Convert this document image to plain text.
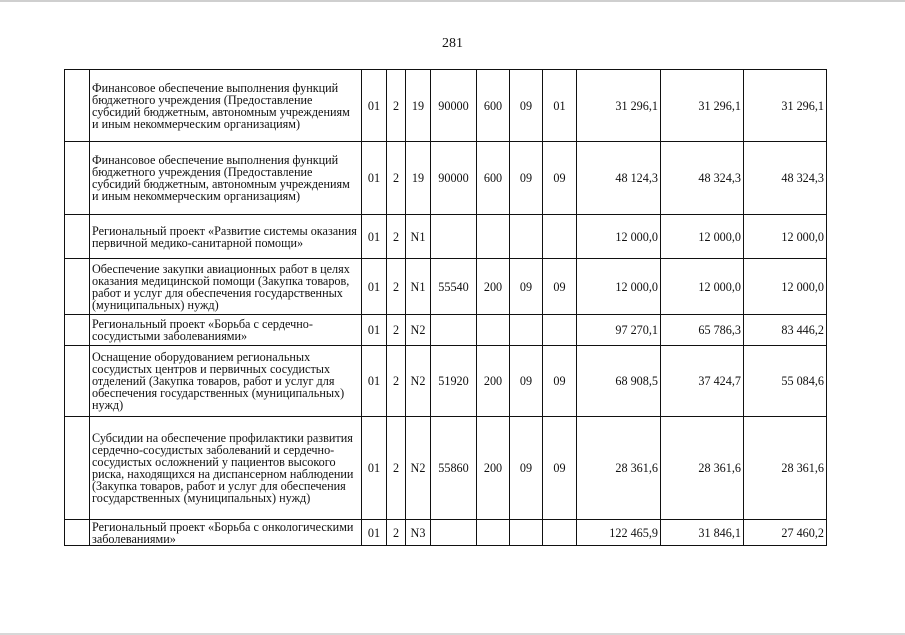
281
	Финансовое обеспечение выполнения функций бюджетного учреждения (Предоставление субсидий бюджетным, автономным учреждениям и иным некоммерческим организациям)	01	2	19	90000	600	09	01	31 296,1	31 296,1	31 296,1
	Финансовое обеспечение выполнения функций бюджетного учреждения (Предоставление субсидий бюджетным, автономным учреждениям и иным некоммерческим организациям)	01	2	19	90000	600	09	09	48 124,3	48 324,3	48 324,3
	Региональный проект «Развитие системы оказания первичной медико-санитарной помощи»	01	2	N1					12 000,0	12 000,0	12 000,0
	Обеспечение закупки авиационных работ в целях оказания медицинской помощи (Закупка товаров, работ и услуг для обеспечения государственных (муниципальных) нужд)	01	2	N1	55540	200	09	09	12 000,0	12 000,0	12 000,0
	Региональный проект «Борьба с сердечно-сосудистыми заболеваниями»	01	2	N2					97 270,1	65 786,3	83 446,2
	Оснащение оборудованием региональных сосудистых центров и первичных сосудистых отделений (Закупка товаров, работ и услуг для обеспечения государственных (муниципальных) нужд)	01	2	N2	51920	200	09	09	68 908,5	37 424,7	55 084,6
	Субсидии на обеспечение профилактики развития сердечно-сосудистых заболеваний и сердечно-сосудистых осложнений у пациентов высокого риска, находящихся на диспансерном наблюдении (Закупка товаров, работ и услуг для обеспечения государственных (муниципальных) нужд)	01	2	N2	55860	200	09	09	28 361,6	28 361,6	28 361,6
	Региональный проект «Борьба с онкологическими заболеваниями»	01	2	N3					122 465,9	31 846,1	27 460,2
